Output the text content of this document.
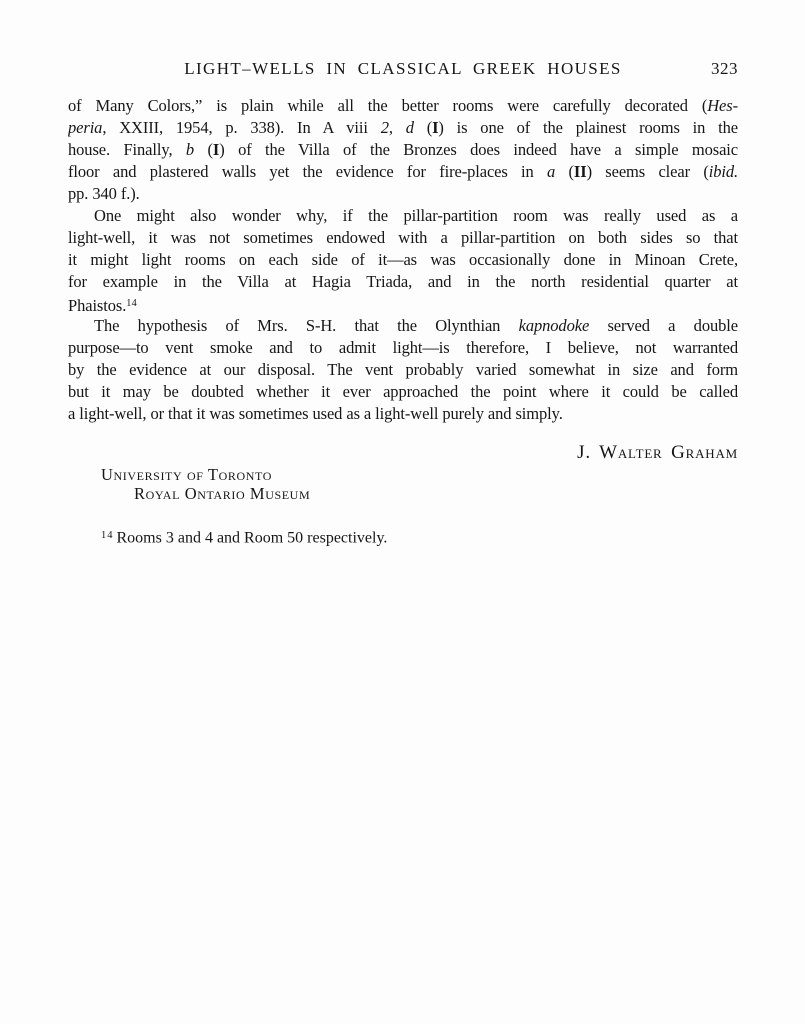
LIGHT–WELLS IN CLASSICAL GREEK HOUSES	323
of Many Colors,” is plain while all the better rooms were carefully decorated (Hes-
peria, XXIII, 1954, p. 338). In A viii 2, d (I) is one of the plainest rooms in the
house. Finally, b (I) of the Villa of the Bronzes does indeed have a simple mosaic
floor and plastered walls yet the evidence for fire-places in a (II) seems clear (ibid.
pp. 340 f.).
One might also wonder why, if the pillar-partition room was really used as a
light-well, it was not sometimes endowed with a pillar-partition on both sides so that
it might light rooms on each side of it—as was occasionally done in Minoan Crete,
for example in the Villa at Hagia Triada, and in the north residential quarter at
Phaistos.$^{14}$
The hypothesis of Mrs. S-H. that the Olynthian kapnodoke served a double
purpose—to vent smoke and to admit light—is therefore, I believe, not warranted
by the evidence at our disposal. The vent probably varied somewhat in size and form
but it may be doubted whether it ever approached the point where it could be called
a light-well, or that it was sometimes used as a light-well purely and simply.
J. Walter Graham
University of Toronto
Royal Ontario Museum
$^{14}$ Rooms 3 and 4 and Room 50 respectively.
